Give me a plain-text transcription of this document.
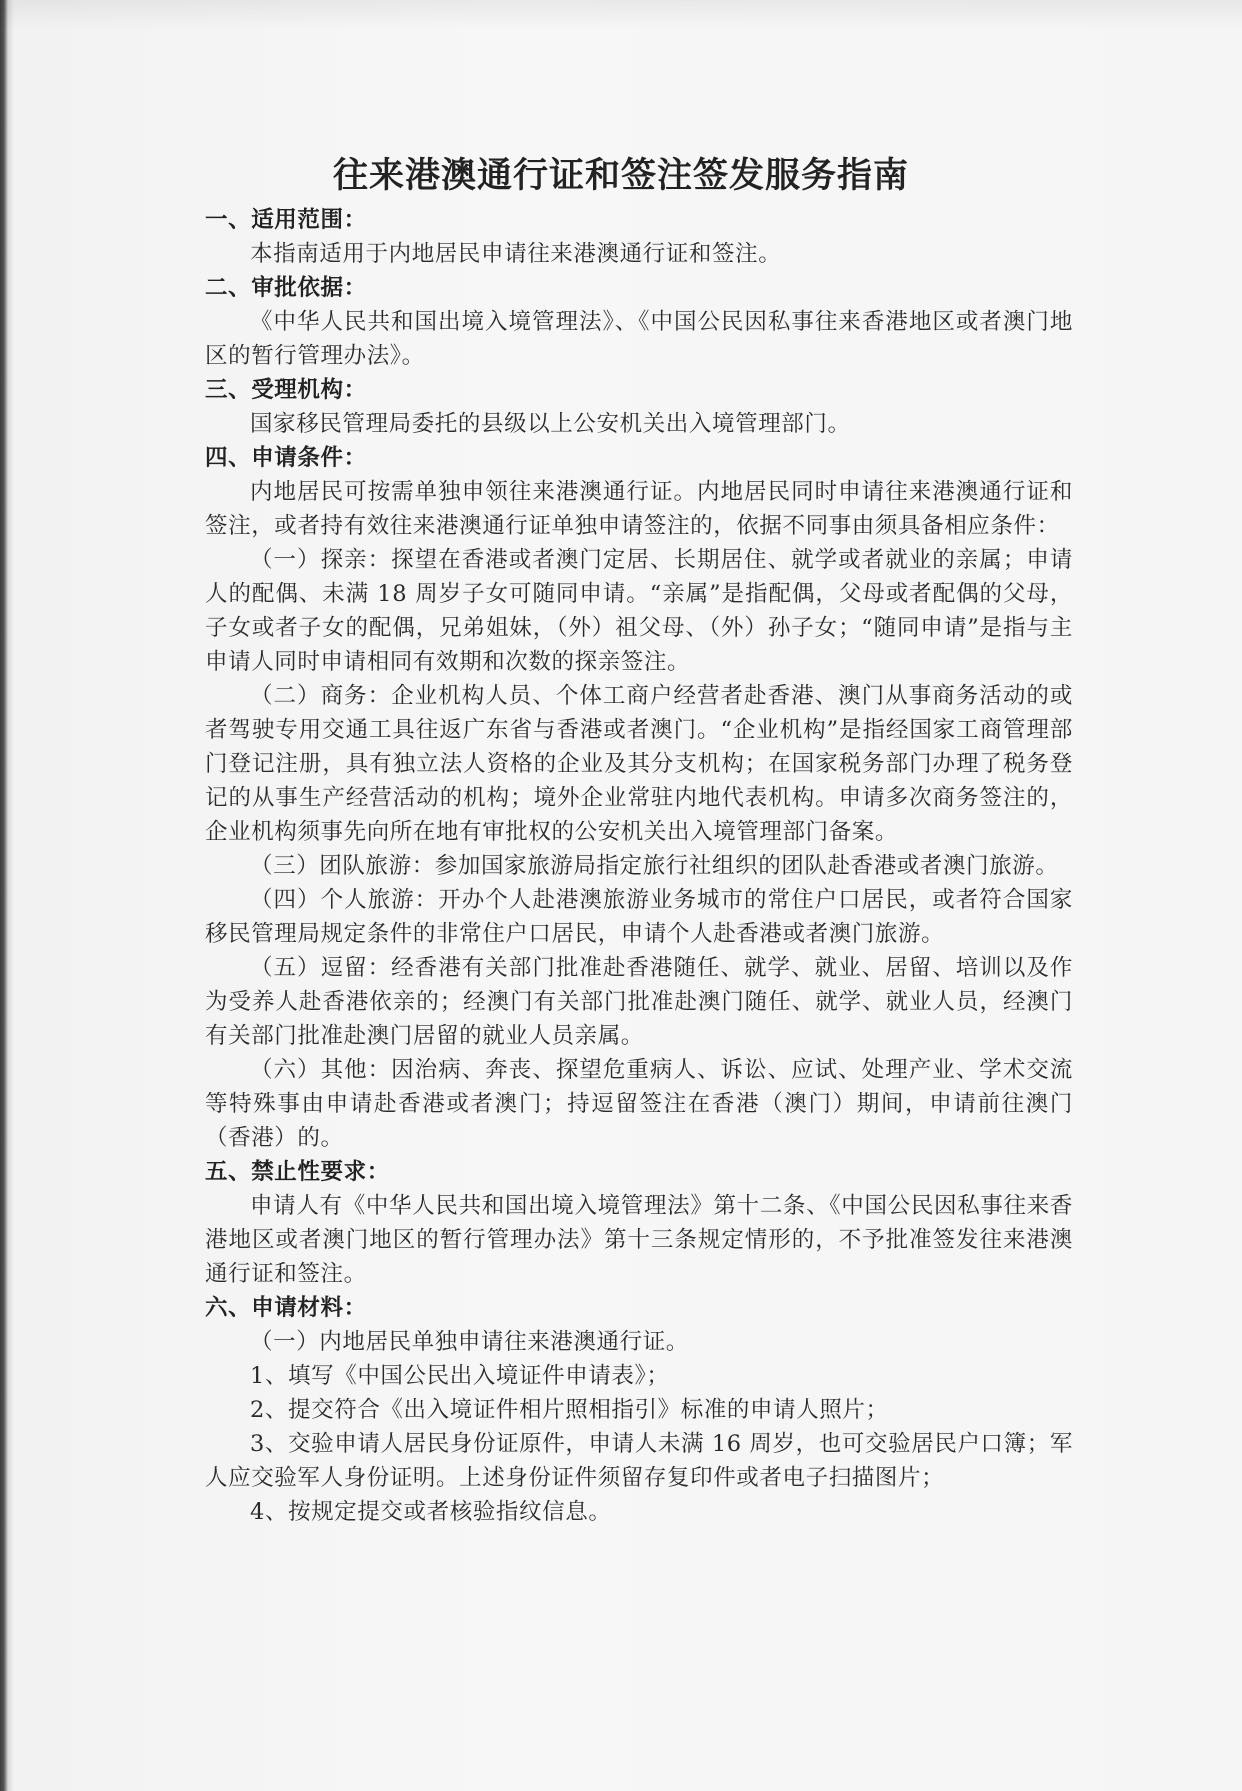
往来港澳通行证和签注签发服务指南
一、适用范围：
本指南适用于内地居民申请往来港澳通行证和签注。
二、审批依据：
《中华人民共和国出境入境管理法》、《中国公民因私事往来香港地区或者澳门地区的暂行管理办法》。
三、受理机构：
国家移民管理局委托的县级以上公安机关出入境管理部门。
四、申请条件：
内地居民可按需单独申领往来港澳通行证。内地居民同时申请往来港澳通行证和签注，或者持有效往来港澳通行证单独申请签注的，依据不同事由须具备相应条件：
（一）探亲：探望在香港或者澳门定居、长期居住、就学或者就业的亲属；申请人的配偶、未满 18 周岁子女可随同申请。“亲属”是指配偶，父母或者配偶的父母，子女或者子女的配偶，兄弟姐妹，（外）祖父母、（外）孙子女；“随同申请”是指与主申请人同时申请相同有效期和次数的探亲签注。
（二）商务：企业机构人员、个体工商户经营者赴香港、澳门从事商务活动的或者驾驶专用交通工具往返广东省与香港或者澳门。“企业机构”是指经国家工商管理部门登记注册，具有独立法人资格的企业及其分支机构；在国家税务部门办理了税务登记的从事生产经营活动的机构；境外企业常驻内地代表机构。申请多次商务签注的，企业机构须事先向所在地有审批权的公安机关出入境管理部门备案。
（三）团队旅游：参加国家旅游局指定旅行社组织的团队赴香港或者澳门旅游。
（四）个人旅游：开办个人赴港澳旅游业务城市的常住户口居民，或者符合国家移民管理局规定条件的非常住户口居民，申请个人赴香港或者澳门旅游。
（五）逗留：经香港有关部门批准赴香港随任、就学、就业、居留、培训以及作为受养人赴香港依亲的；经澳门有关部门批准赴澳门随任、就学、就业人员，经澳门有关部门批准赴澳门居留的就业人员亲属。
（六）其他：因治病、奔丧、探望危重病人、诉讼、应试、处理产业、学术交流等特殊事由申请赴香港或者澳门；持逗留签注在香港（澳门）期间，申请前往澳门（香港）的。
五、禁止性要求：
申请人有《中华人民共和国出境入境管理法》第十二条、《中国公民因私事往来香港地区或者澳门地区的暂行管理办法》第十三条规定情形的，不予批准签发往来港澳通行证和签注。
六、申请材料：
（一）内地居民单独申请往来港澳通行证。
1、填写《中国公民出入境证件申请表》；
2、提交符合《出入境证件相片照相指引》标准的申请人照片；
3、交验申请人居民身份证原件，申请人未满 16 周岁，也可交验居民户口簿；军人应交验军人身份证明。上述身份证件须留存复印件或者电子扫描图片；
4、按规定提交或者核验指纹信息。
